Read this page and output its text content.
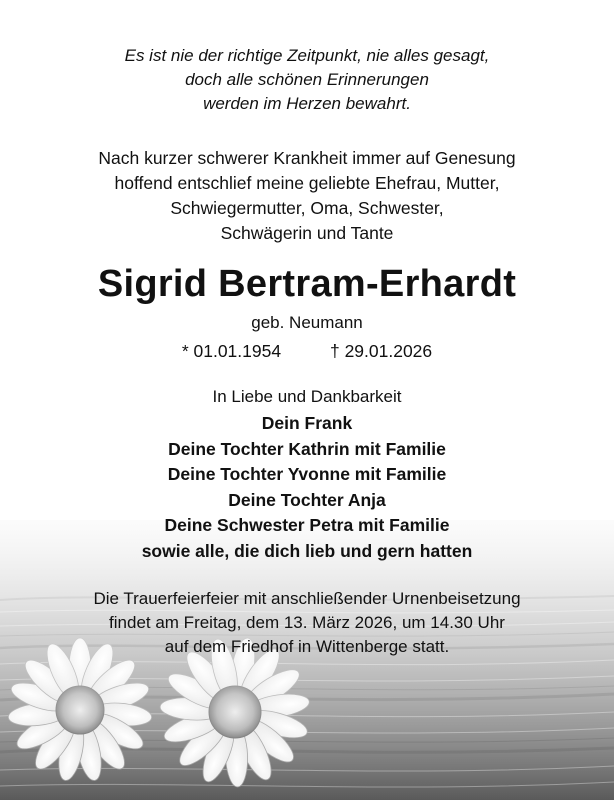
Es ist nie der richtige Zeitpunkt, nie alles gesagt,
doch alle schönen Erinnerungen
werden im Herzen bewahrt.
Nach kurzer schwerer Krankheit immer auf Genesung
hoffend entschlief meine geliebte Ehefrau, Mutter,
Schwiegermutter, Oma, Schwester,
Schwägerin und Tante
Sigrid Bertram-Erhardt
geb. Neumann
* 01.01.1954	† 29.01.2026
In Liebe und Dankbarkeit
Dein Frank
Deine Tochter Kathrin mit Familie
Deine Tochter Yvonne mit Familie
Deine Tochter Anja
Deine Schwester Petra mit Familie
sowie alle, die dich lieb und gern hatten
Die Trauerfeierfeier mit anschließender Urnenbeisetzung
findet am Freitag, dem 13. März 2026, um 14.30 Uhr
auf dem Friedhof in Wittenberge statt.
